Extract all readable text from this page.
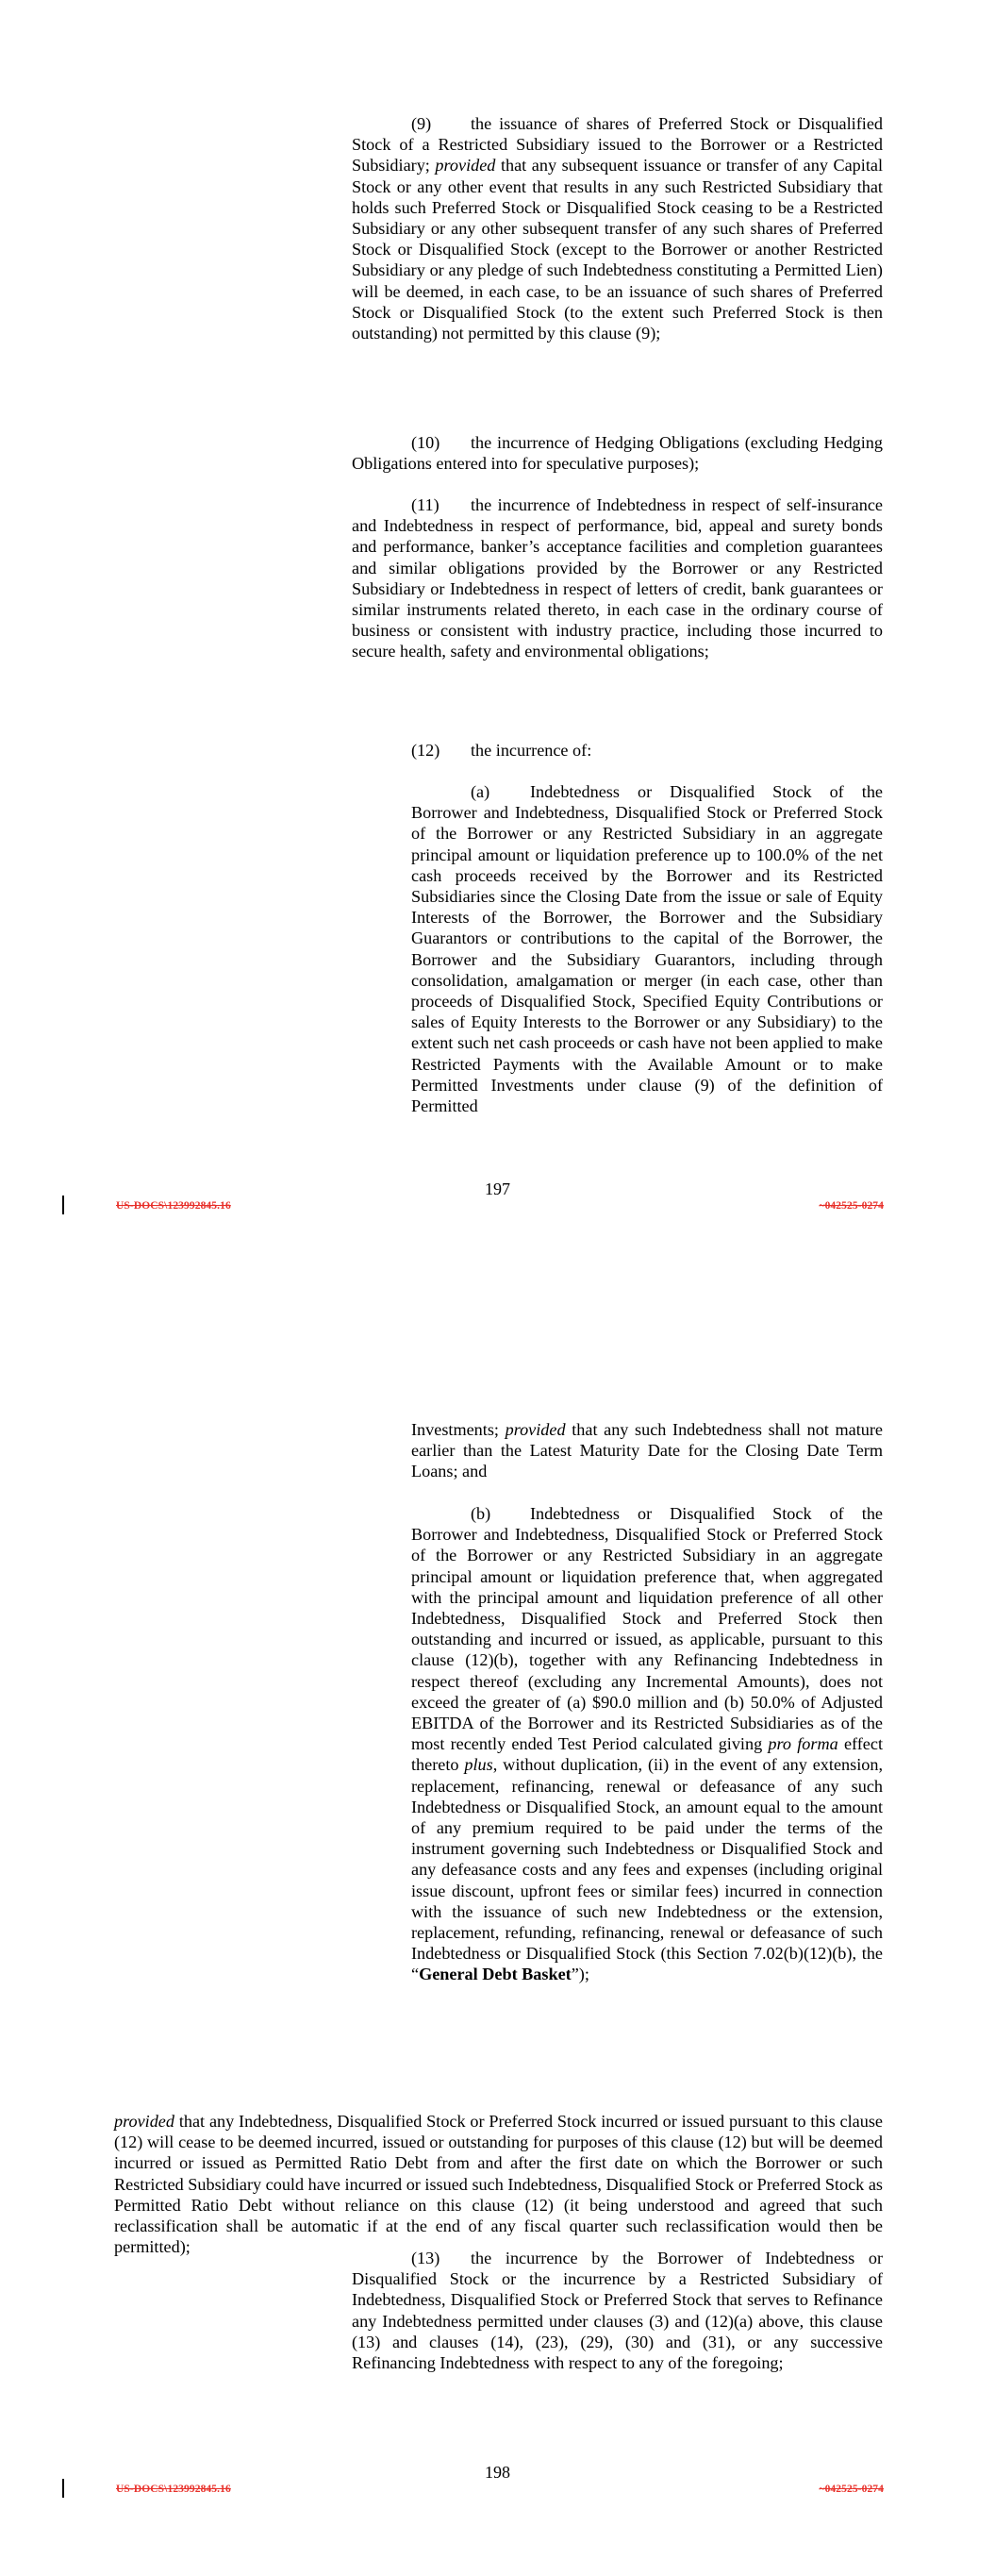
(9) the issuance of shares of Preferred Stock or Disqualified Stock of a Restricted Subsidiary issued to the Borrower or a Restricted Subsidiary; provided that any subsequent issuance or transfer of any Capital Stock or any other event that results in any such Restricted Subsidiary that holds such Preferred Stock or Disqualified Stock ceasing to be a Restricted Subsidiary or any other subsequent transfer of any such shares of Preferred Stock or Disqualified Stock (except to the Borrower or another Restricted Subsidiary or any pledge of such Indebtedness constituting a Permitted Lien) will be deemed, in each case, to be an issuance of such shares of Preferred Stock or Disqualified Stock (to the extent such Preferred Stock is then outstanding) not permitted by this clause (9);

(10) the incurrence of Hedging Obligations (excluding Hedging Obligations entered into for speculative purposes);

(11) the incurrence of Indebtedness in respect of self-insurance and Indebtedness in respect of performance, bid, appeal and surety bonds and performance, banker’s acceptance facilities and completion guarantees and similar obligations provided by the Borrower or any Restricted Subsidiary or Indebtedness in respect of letters of credit, bank guarantees or similar instruments related thereto, in each case in the ordinary course of business or consistent with industry practice, including those incurred to secure health, safety and environmental obligations;

(12) the incurrence of:

(a) Indebtedness or Disqualified Stock of the Borrower and Indebtedness, Disqualified Stock or Preferred Stock of the Borrower or any Restricted Subsidiary in an aggregate principal amount or liquidation preference up to 100.0% of the net cash proceeds received by the Borrower and its Restricted Subsidiaries since the Closing Date from the issue or sale of Equity Interests of the Borrower, the Borrower and the Subsidiary Guarantors or contributions to the capital of the Borrower, the Borrower and the Subsidiary Guarantors, including through consolidation, amalgamation or merger (in each case, other than proceeds of Disqualified Stock, Specified Equity Contributions or sales of Equity Interests to the Borrower or any Subsidiary) to the extent such net cash proceeds or cash have not been applied to make Restricted Payments with the Available Amount or to make Permitted Investments under clause (9) of the definition of Permitted

197
US-DOCS\123992845.16	~042525-0274

Investments; provided that any such Indebtedness shall not mature earlier than the Latest Maturity Date for the Closing Date Term Loans; and

(b) Indebtedness or Disqualified Stock of the Borrower and Indebtedness, Disqualified Stock or Preferred Stock of the Borrower or any Restricted Subsidiary in an aggregate principal amount or liquidation preference that, when aggregated with the principal amount and liquidation preference of all other Indebtedness, Disqualified Stock and Preferred Stock then outstanding and incurred or issued, as applicable, pursuant to this clause (12)(b), together with any Refinancing Indebtedness in respect thereof (excluding any Incremental Amounts), does not exceed the greater of (a) $90.0 million and (b) 50.0% of Adjusted EBITDA of the Borrower and its Restricted Subsidiaries as of the most recently ended Test Period calculated giving pro forma effect thereto plus, without duplication, (ii) in the event of any extension, replacement, refinancing, renewal or defeasance of any such Indebtedness or Disqualified Stock, an amount equal to the amount of any premium required to be paid under the terms of the instrument governing such Indebtedness or Disqualified Stock and any defeasance costs and any fees and expenses (including original issue discount, upfront fees or similar fees) incurred in connection with the issuance of such new Indebtedness or the extension, replacement, refunding, refinancing, renewal or defeasance of such Indebtedness or Disqualified Stock (this Section 7.02(b)(12)(b), the “General Debt Basket”);

provided that any Indebtedness, Disqualified Stock or Preferred Stock incurred or issued pursuant to this clause (12) will cease to be deemed incurred, issued or outstanding for purposes of this clause (12) but will be deemed incurred or issued as Permitted Ratio Debt from and after the first date on which the Borrower or such Restricted Subsidiary could have incurred or issued such Indebtedness, Disqualified Stock or Preferred Stock as Permitted Ratio Debt without reliance on this clause (12) (it being understood and agreed that such reclassification shall be automatic if at the end of any fiscal quarter such reclassification would then be permitted);

(13) the incurrence by the Borrower of Indebtedness or Disqualified Stock or the incurrence by a Restricted Subsidiary of Indebtedness, Disqualified Stock or Preferred Stock that serves to Refinance any Indebtedness permitted under clauses (3) and (12)(a) above, this clause (13) and clauses (14), (23), (29), (30) and (31), or any successive Refinancing Indebtedness with respect to any of the foregoing;

198
US-DOCS\123992845.16	~042525-0274
